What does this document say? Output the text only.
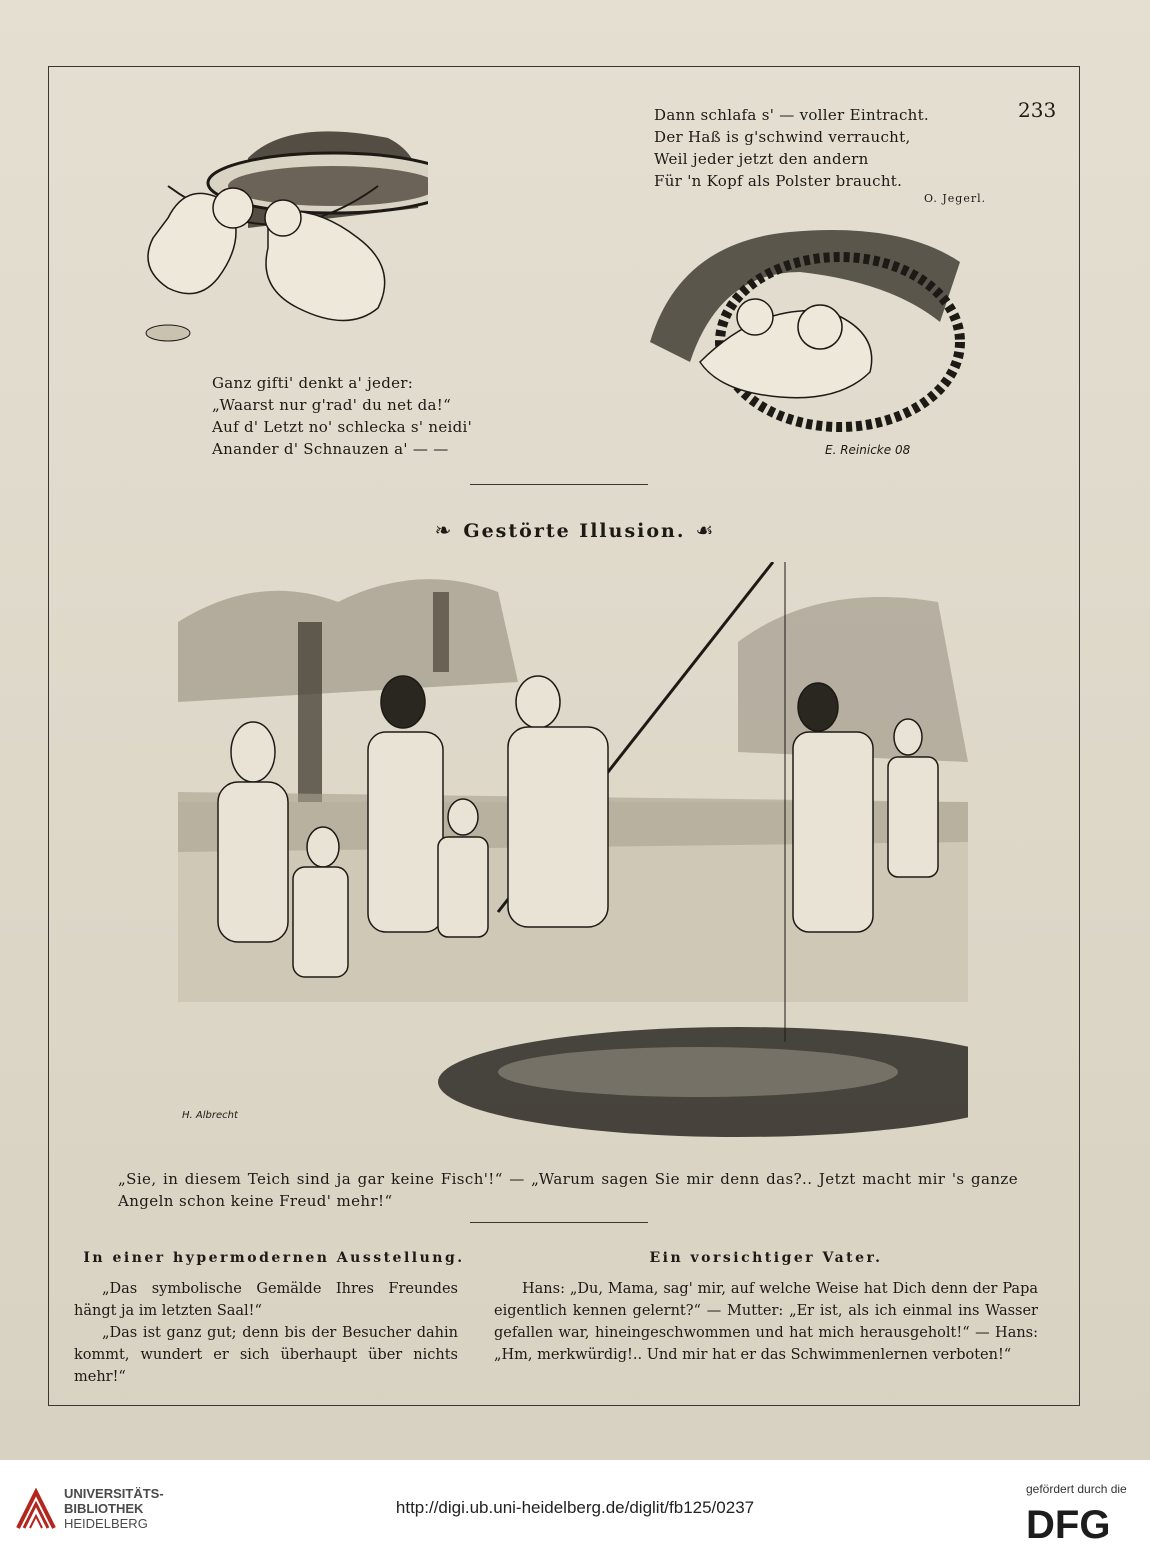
233
Dann schlafa s' — voller Eintracht.
Der Haß is g'schwind verraucht,
Weil jeder jetzt den andern
Für 'n Kopf als Polster braucht.
O. Jegerl.
E. Reinicke 08
Ganz gifti' denkt a' jeder:
„Waarst nur g'rad' du net da!“
Auf d' Letzt no' schlecka s' neidi'
Anander d' Schnauzen a' — —
❧ Gestörte Illusion. ☙
H. Albrecht
„Sie, in diesem Teich sind ja gar keine Fisch'!“ — „Warum sagen Sie mir denn das?.. Jetzt macht mir 's ganze Angeln schon keine Freud' mehr!“
In einer hypermodernen Ausstellung.

„Das symbolische Gemälde Ihres Freundes hängt ja im letzten Saal!“

„Das ist ganz gut; denn bis der Besucher dahin kommt, wundert er sich überhaupt über nichts mehr!“

Ein vorsichtiger Vater.

Hans: „Du, Mama, sag' mir, auf welche Weise hat Dich denn der Papa eigentlich kennen gelernt?“ — Mutter: „Er ist, als ich einmal ins Wasser gefallen war, hineingeschwommen und hat mich herausgeholt!“ — Hans: „Hm, merkwürdig!.. Und mir hat er das Schwimmenlernen verboten!“

UNIVERSITÄTS-
BIBLIOTHEK
HEIDELBERG
http://digi.ub.uni-heidelberg.de/diglit/fb125/0237
gefördert durch die
DFG
